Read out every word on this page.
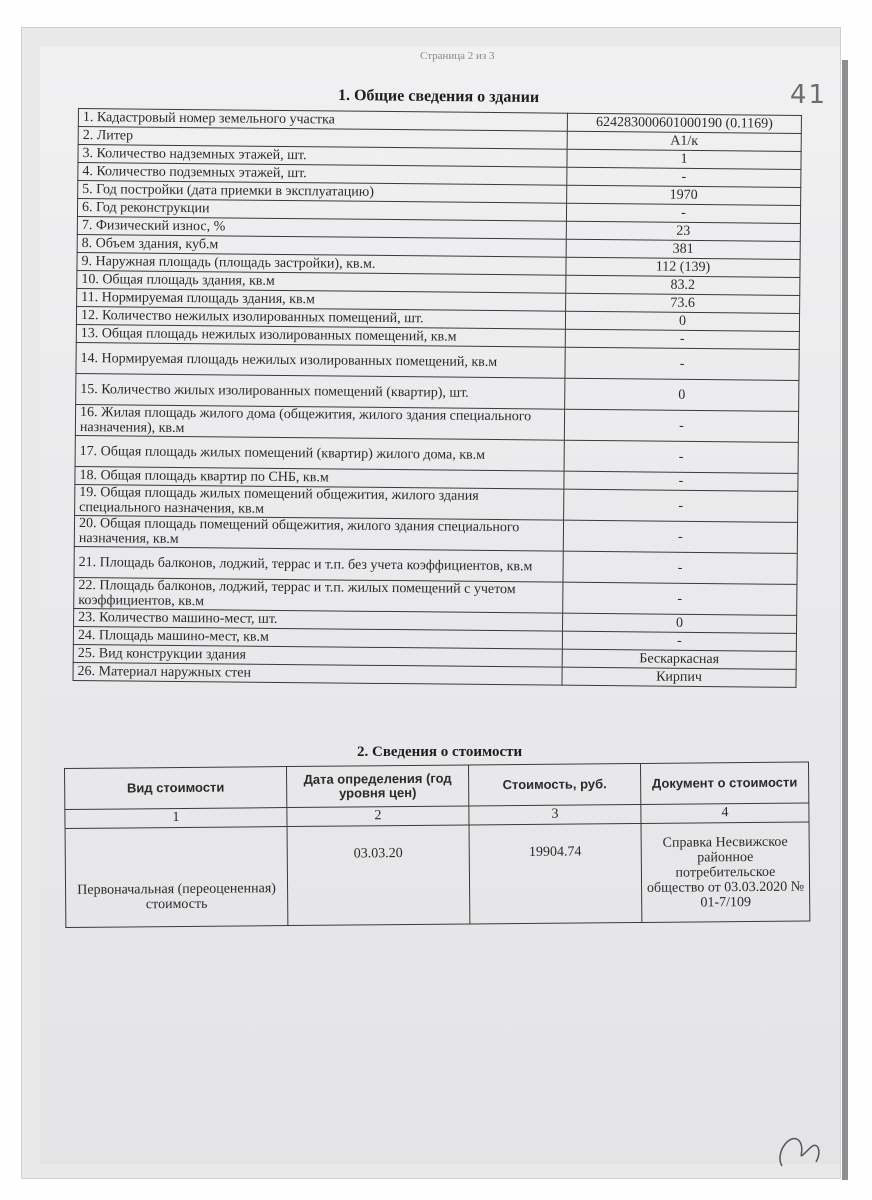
Страница 2 из 3
41
1. Общие сведения о здании
1. Кадастровый номер земельного участка	624283000601000190 (0.1169)
2. Литер	А1/к
3. Количество надземных этажей, шт.	1
4. Количество подземных этажей, шт.	-
5. Год постройки (дата приемки в эксплуатацию)	1970
6. Год реконструкции	-
7. Физический износ, %	23
8. Объем здания, куб.м	381
9. Наружная площадь (площадь застройки), кв.м.	112 (139)
10. Общая площадь здания, кв.м	83.2
11. Нормируемая площадь здания, кв.м	73.6
12. Количество нежилых изолированных помещений, шт.	0
13. Общая площадь нежилых изолированных помещений, кв.м	-
14. Нормируемая площадь нежилых изолированных помещений, кв.м	-
15. Количество жилых изолированных помещений (квартир), шт.	0
16. Жилая площадь жилого дома (общежития, жилого здания специального назначения), кв.м	-
17. Общая площадь жилых помещений (квартир) жилого дома, кв.м	-
18. Общая площадь квартир по СНБ, кв.м	-
19. Общая площадь жилых помещений общежития, жилого здания специального назначения, кв.м	-
20. Общая площадь помещений общежития, жилого здания специального назначения, кв.м	-
21. Площадь балконов, лоджий, террас и т.п. без учета коэффициентов, кв.м	-
22. Площадь балконов, лоджий, террас и т.п. жилых помещений с учетом коэффициентов, кв.м	-
23. Количество машино-мест, шт.	0
24. Площадь машино-мест, кв.м	-
25. Вид конструкции здания	Бескаркасная
26. Материал наружных стен	Кирпич
2. Сведения о стоимости
Вид стоимости	Дата определения (год уровня цен)	Стоимость, руб.	Документ о стоимости
1	2	3	4
Первоначальная (переоцененная) стоимость	03.03.20	19904.74	Справка Несвижское районное потребительское общество от 03.03.2020 № 01-7/109
